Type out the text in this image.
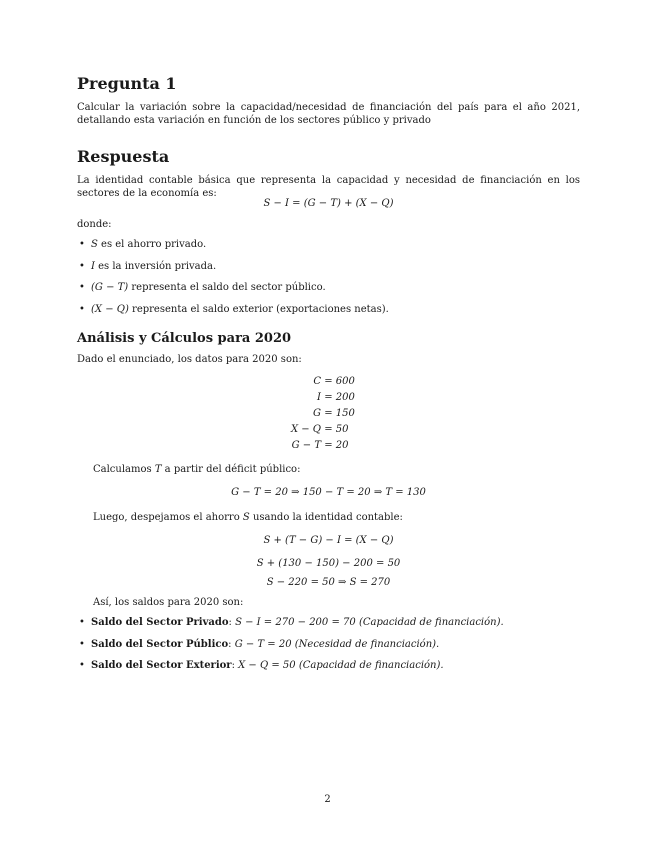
Pregunta 1

Calcular la variación sobre la capacidad/necesidad de financiación del país para el año 2021, detallando esta variación en función de los sectores público y privado

Respuesta

La identidad contable básica que representa la capacidad y necesidad de financiación en los sectores de la economía es:

S − I = (G − T) + (X − Q)

donde:

• S es el ahorro privado.
• I es la inversión privada.
• (G − T) representa el saldo del sector público.
• (X − Q) representa el saldo exterior (exportaciones netas).
Análisis y Cálculos para 2020

Dado el enunciado, los datos para 2020 son:

C = 600
I = 200
G = 150
X − Q = 50
G − T = 20

Calculamos T a partir del déficit público:

G − T = 20 ⇒ 150 − T = 20 ⇒ T = 130

Luego, despejamos el ahorro S usando la identidad contable:

S + (T − G) − I = (X − Q)
S + (130 − 150) − 200 = 50
S − 220 = 50 ⇒ S = 270

Así, los saldos para 2020 son:

• Saldo del Sector Privado: S − I = 270 − 200 = 70 (Capacidad de financiación).
• Saldo del Sector Público: G − T = 20 (Necesidad de financiación).
• Saldo del Sector Exterior: X − Q = 50 (Capacidad de financiación).
2
